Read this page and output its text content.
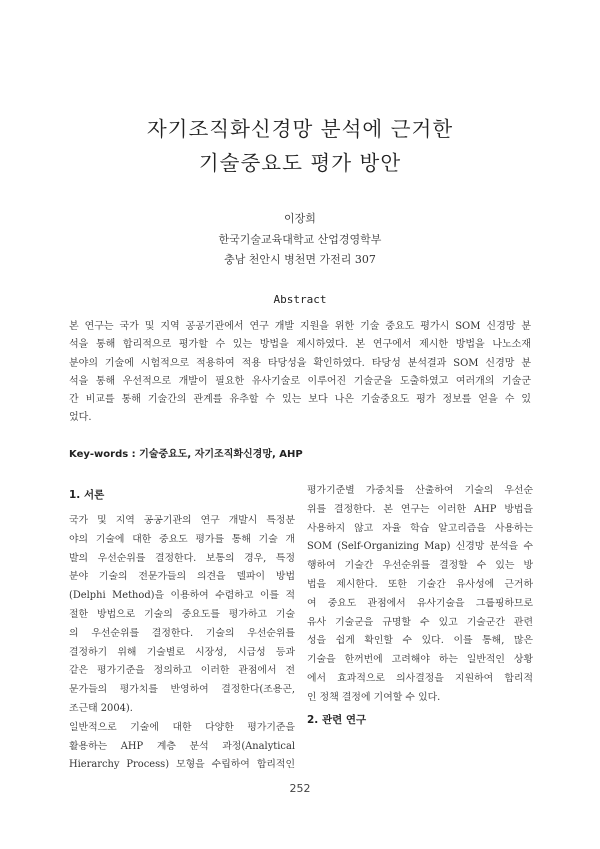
자기조직화신경망 분석에 근거한
기술중요도 평가 방안
이장희
한국기술교육대학교 산업경영학부
충남 천안시 병천면 가전리 307
Abstract
본 연구는 국가 및 지역 공공기관에서 연구 개발 지원을 위한 기술 중요도 평가시 SOM 신경망 분
석을 통해 합리적으로 평가할 수 있는 방법을 제시하였다. 본 연구에서 제시한 방법을 나노소재
분야의 기술에 시험적으로 적용하여 적용 타당성을 확인하였다. 타당성 분석결과 SOM 신경망 분
석을 통해 우선적으로 개발이 필요한 유사기술로 이루어진 기술군을 도출하였고 여러개의 기술군
간 비교를 통해 기술간의 관계를 유추할 수 있는 보다 나은 기술중요도 평가 정보를 얻을 수 있
었다.
Key-words : 기술중요도, 자기조직화신경망, AHP
1. 서론
국가 및 지역 공공기관의 연구 개발시 특정분
야의 기술에 대한 중요도 평가를 통해 기술 개
발의 우선순위를 결정한다. 보통의 경우, 특정
분야 기술의 전문가들의 의견을 델파이 방법
(Delphi Method)을 이용하여 수렴하고 이를 적
절한 방법으로 기술의 중요도를 평가하고 기술
의 우선순위를 결정한다. 기술의 우선순위를
결정하기 위해 기술별로 시장성, 시급성 등과
같은 평가기준을 정의하고 이러한 관점에서 전
문가들의 평가치를 반영하여 결정한다(조용곤,
조근태 2004).
일반적으로 기술에 대한 다양한 평가기준을
활용하는 AHP 계층 분석 과정(Analytical
Hierarchy Process) 모형을 수립하여 합리적인
평가기준별 가중치를 산출하여 기술의 우선순
위를 결정한다. 본 연구는 이러한 AHP 방법을
사용하지 않고 자율 학습 알고리즘을 사용하는
SOM (Self-Organizing Map) 신경망 분석을 수
행하여 기술간 우선순위를 결정할 수 있는 방
법을 제시한다. 또한 기술간 유사성에 근거하
여 중요도 관점에서 유사기술을 그룹핑하므로
유사 기술군을 규명할 수 있고 기술군간 관련
성을 쉽게 확인할 수 있다. 이를 통해, 많은
기술을 한꺼번에 고려해야 하는 일반적인 상황
에서 효과적으로 의사결정을 지원하여 합리적
인 정책 결정에 기여할 수 있다.
2. 관련 연구
252
